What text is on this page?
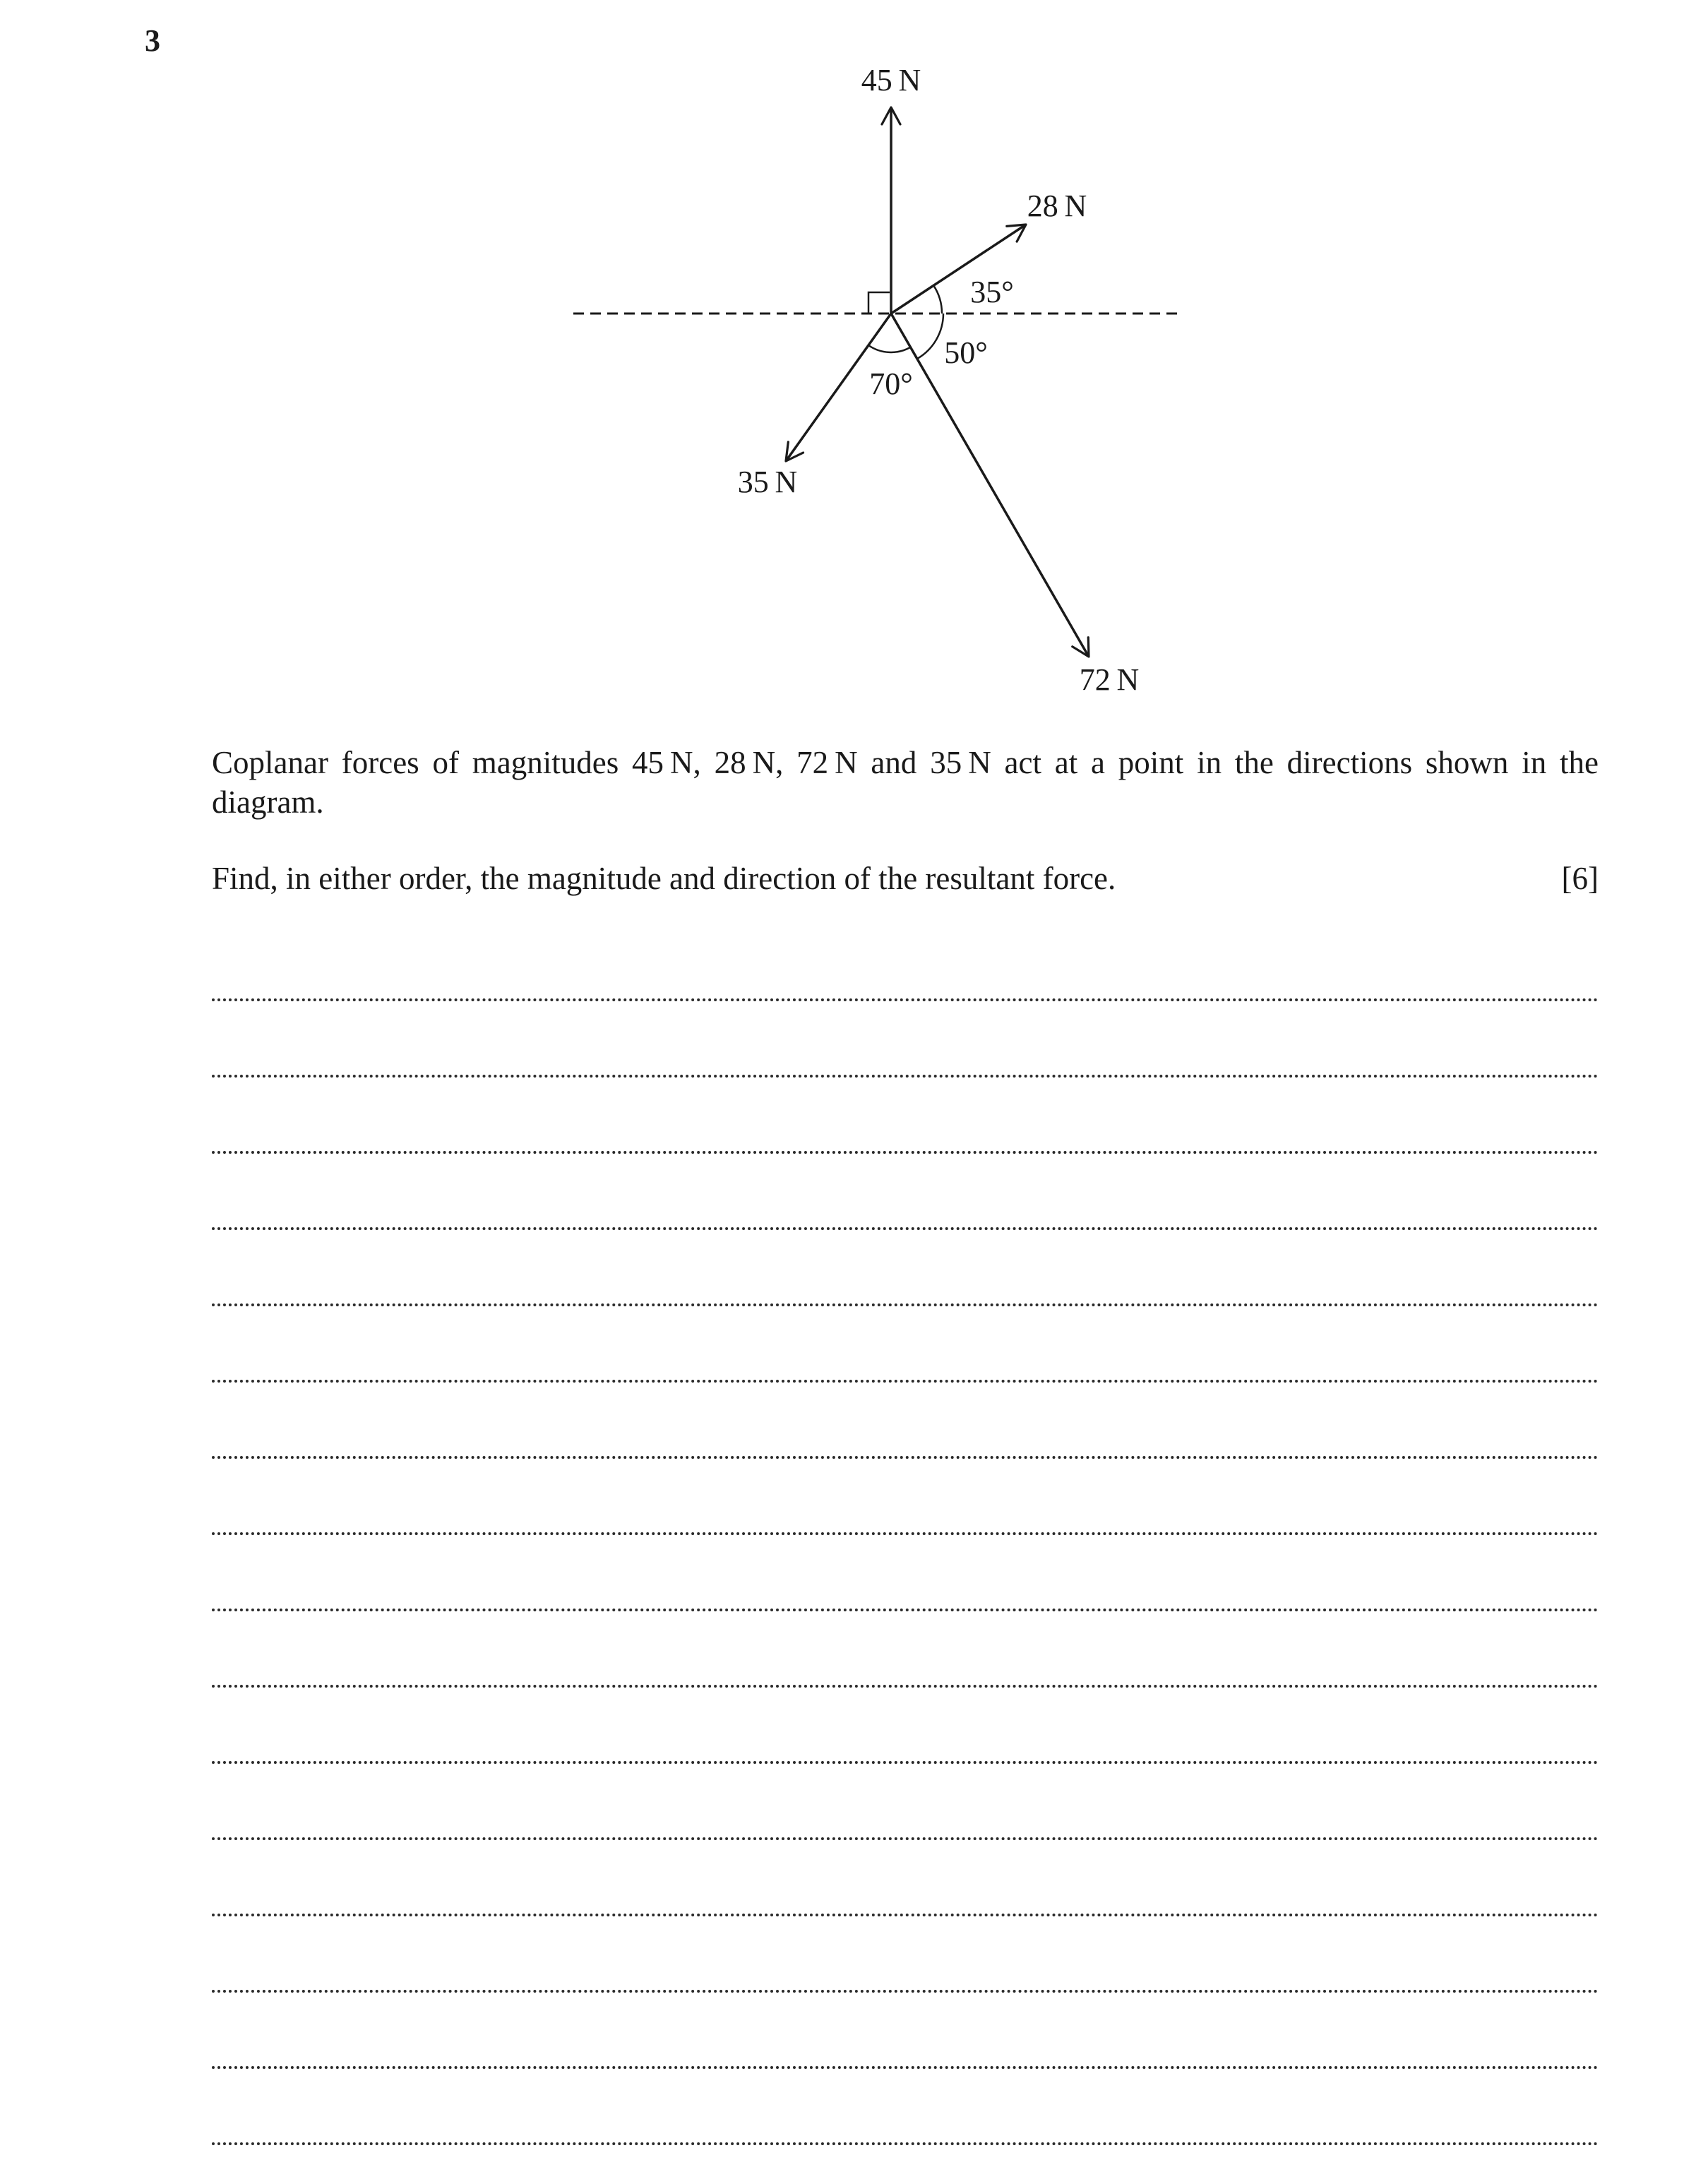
3
45 N
28 N
72 N
35 N
35°
50°
70°
Coplanar forces of magnitudes 45 N, 28 N, 72 N and 35 N act at a point in the directions shown in the diagram.
Find, in either order, the magnitude and direction of the resultant force.	[6]
